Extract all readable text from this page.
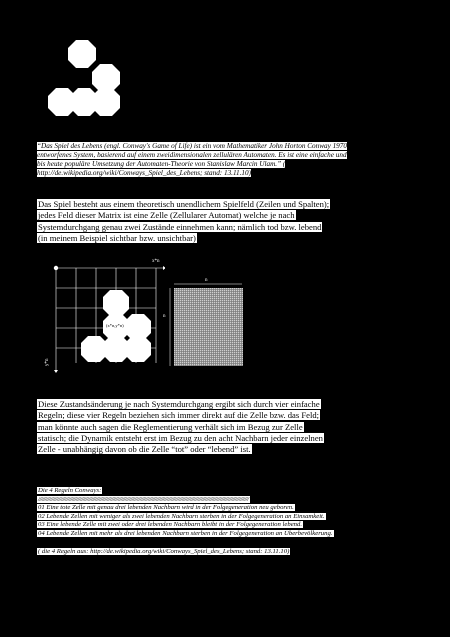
conway's game of life
“Das Spiel des Lebens (engl. Conway's Game of Life) ist ein vom Mathematiker John Horton Conway 1970 entworfenes System, basierend auf einem zweidimensionalen zellulären Automaten. Es ist eine einfache und bis heute populäre Umsetzung der Automaten-Theorie von Stanislaw Marcin Ulam.” ( http://de.wikipedia.org/wiki/Conways_Spiel_des_Lebens; stand: 13.11.10)
Das Spiel besteht aus einem theoretisch unendlichem Spielfeld (Zeilen und Spalten); jedes Feld dieser Matrix ist eine Zelle (Zellularer Automat) welche je nach Systemdurchgang genau zwei Zustände einnehmen kann; nämlich tod bzw. lebend (in meinem Beispiel sichtbar bzw. unsichtbar)
x*n
y*n
(x*n,y*n)
n
n
Diese Zustandsänderung je nach Systemdurchgang ergibt sich durch vier einfache Regeln; diese vier Regeln beziehen sich immer direkt auf die Zelle bzw. das Feld; man könnte auch sagen die Reglementierung verhält sich im Bezug zur Zelle statisch; die Dynamik entsteht erst im Bezug zu den acht Nachbarn jeder einzelnen Zelle - unabhängig davon ob die Zelle “tot” oder “lebend” ist.
Die 4 Regeln Conways:
///////////////////////////////////////////////////////////////////////////////////////////////////////////////////////////////////////////////////////////
01 Eine tote Zelle mit genau drei lebenden Nachbarn wird in der Folgegeneration neu geboren.
02 Lebende Zellen mit weniger als zwei lebenden Nachbarn sterben in der Folgegeneration an Einsamkeit.
03 Eine lebende Zelle mit zwei oder drei lebenden Nachbarn bleibt in der Folgegeneration lebend.
04 Lebende Zellen mit mehr als drei lebenden Nachbarn sterben in der Folgegeneration an Überbevölkerung.
( die 4 Regeln aus: http://de.wikipedia.org/wiki/Conways_Spiel_des_Lebens; stand: 13.11.10)
